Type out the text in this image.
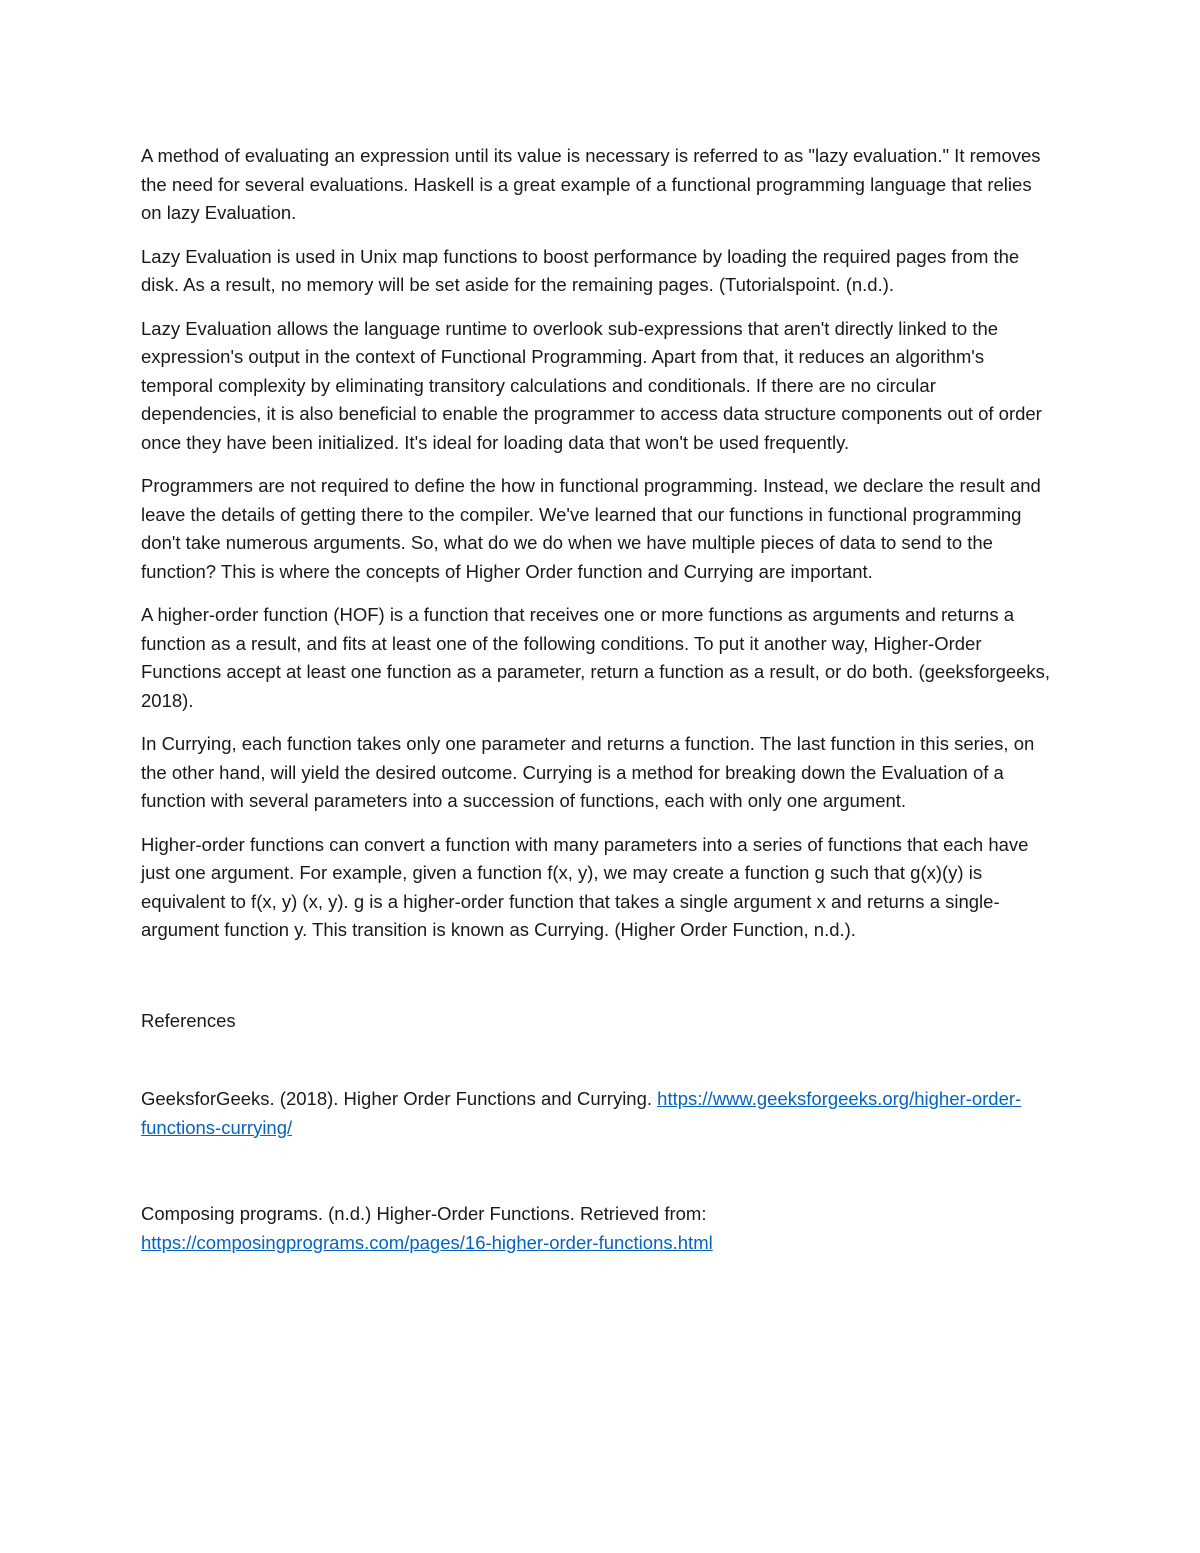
A method of evaluating an expression until its value is necessary is referred to as "lazy evaluation." It removes the need for several evaluations. Haskell is a great example of a functional programming language that relies on lazy Evaluation.

Lazy Evaluation is used in Unix map functions to boost performance by loading the required pages from the disk. As a result, no memory will be set aside for the remaining pages. (Tutorialspoint. (n.d.).

Lazy Evaluation allows the language runtime to overlook sub-expressions that aren't directly linked to the expression's output in the context of Functional Programming. Apart from that, it reduces an algorithm's temporal complexity by eliminating transitory calculations and conditionals. If there are no circular dependencies, it is also beneficial to enable the programmer to access data structure components out of order once they have been initialized. It's ideal for loading data that won't be used frequently.

Programmers are not required to define the how in functional programming. Instead, we declare the result and leave the details of getting there to the compiler. We've learned that our functions in functional programming don't take numerous arguments. So, what do we do when we have multiple pieces of data to send to the function? This is where the concepts of Higher Order function and Currying are important.

A higher-order function (HOF) is a function that receives one or more functions as arguments and returns a function as a result, and fits at least one of the following conditions. To put it another way, Higher-Order Functions accept at least one function as a parameter, return a function as a result, or do both. (geeksforgeeks, 2018).

In Currying, each function takes only one parameter and returns a function. The last function in this series, on the other hand, will yield the desired outcome. Currying is a method for breaking down the Evaluation of a function with several parameters into a succession of functions, each with only one argument.

Higher-order functions can convert a function with many parameters into a series of functions that each have just one argument. For example, given a function f(x, y), we may create a function g such that g(x)(y) is equivalent to f(x, y) (x, y). g is a higher-order function that takes a single argument x and returns a single-argument function y. This transition is known as Currying. (Higher Order Function, n.d.).

References

GeeksforGeeks. (2018). Higher Order Functions and Currying. https://www.geeksforgeeks.org/higher-order-functions-currying/

Composing programs. (n.d.) Higher-Order Functions. Retrieved from: https://composingprograms.com/pages/16-higher-order-functions.html
